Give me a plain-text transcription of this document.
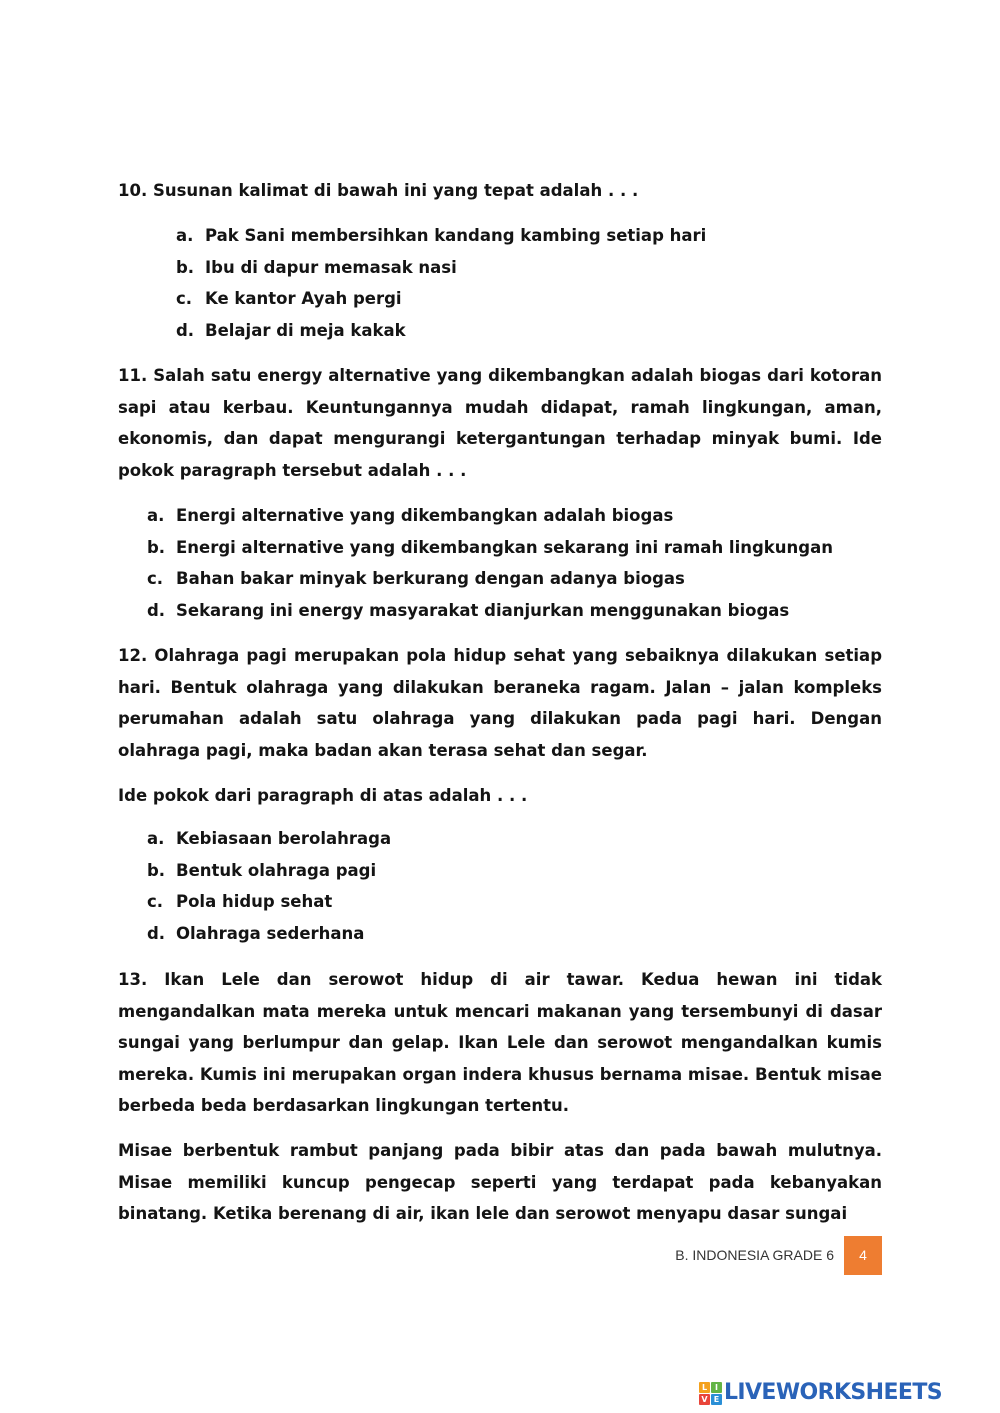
10. Susunan kalimat di bawah ini yang tepat adalah . . .

a. Pak Sani membersihkan kandang kambing setiap hari
b. Ibu di dapur memasak nasi
c. Ke kantor Ayah pergi
d. Belajar di meja kakak

11. Salah satu energy alternative yang dikembangkan adalah biogas dari kotoran sapi atau kerbau. Keuntungannya mudah didapat, ramah lingkungan, aman, ekonomis, dan dapat mengurangi ketergantungan terhadap minyak bumi. Ide pokok paragraph tersebut adalah . . .

a. Energi alternative yang dikembangkan adalah biogas
b. Energi alternative yang dikembangkan sekarang ini ramah lingkungan
c. Bahan bakar minyak berkurang dengan adanya biogas
d. Sekarang ini energy masyarakat dianjurkan menggunakan biogas

12. Olahraga pagi merupakan pola hidup sehat yang sebaiknya dilakukan setiap hari. Bentuk olahraga yang dilakukan beraneka ragam. Jalan – jalan kompleks perumahan adalah satu olahraga yang dilakukan pada pagi hari. Dengan olahraga pagi, maka badan akan terasa sehat dan segar.

Ide pokok dari paragraph di atas adalah . . .

a. Kebiasaan berolahraga
b. Bentuk olahraga pagi
c. Pola hidup sehat
d. Olahraga sederhana

13. Ikan Lele dan serowot hidup di air tawar. Kedua hewan ini tidak mengandalkan mata mereka untuk mencari makanan yang tersembunyi di dasar sungai yang berlumpur dan gelap. Ikan Lele dan serowot mengandalkan kumis mereka. Kumis ini merupakan organ indera khusus bernama misae. Bentuk misae berbeda beda berdasarkan lingkungan tertentu.

Misae berbentuk rambut panjang pada bibir atas dan pada bawah mulutnya. Misae memiliki kuncup pengecap seperti yang terdapat pada kebanyakan binatang. Ketika berenang di air, ikan lele dan serowot menyapu dasar sungai

B. INDONESIA GRADE 6	4
L I
V E LIVEWORKSHEETS
